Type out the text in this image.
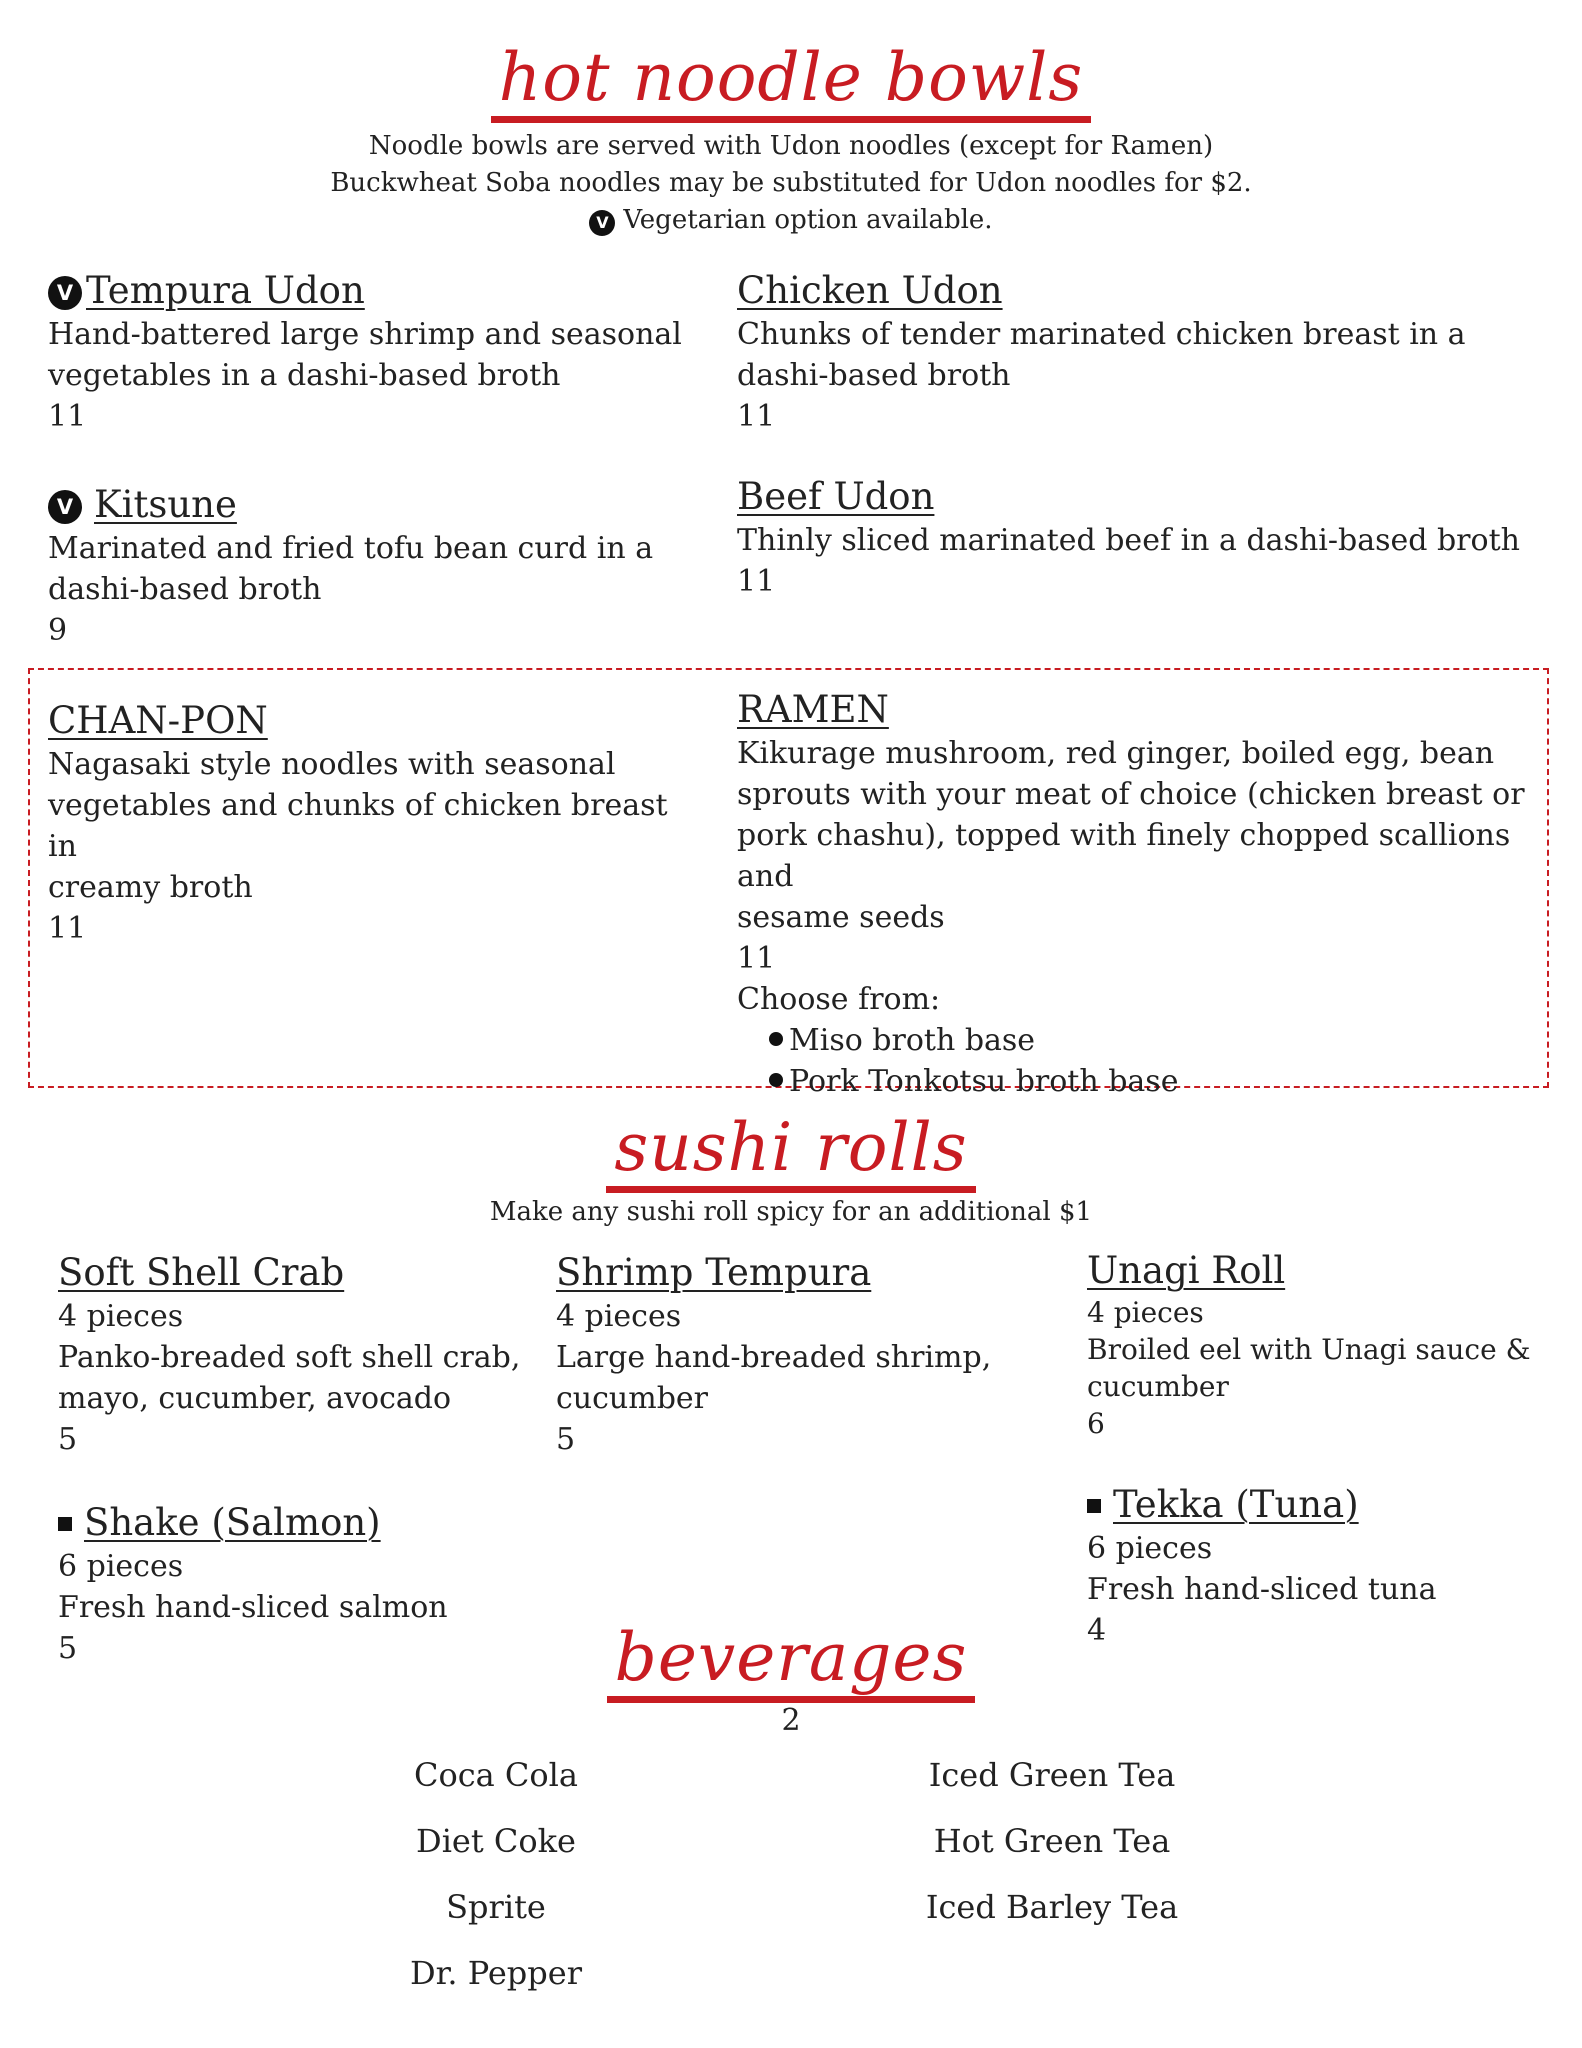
hot noodle bowls
Noodle bowls are served with Udon noodles (except for Ramen)
Buckwheat Soba noodles may be substituted for Udon noodles for $2.
V Vegetarian option available.
V Tempura Udon
Hand-battered large shrimp and seasonal
vegetables in a dashi-based broth
11
Chicken Udon
Chunks of tender marinated chicken breast in a
dashi-based broth
11
V Kitsune
Marinated and fried tofu bean curd in a
dashi-based broth
9
Beef Udon
Thinly sliced marinated beef in a dashi-based broth
11
CHAN-PON
Nagasaki style noodles with seasonal
vegetables and chunks of chicken breast in
creamy broth
11
RAMEN
Kikurage mushroom, red ginger, boiled egg, bean
sprouts with your meat of choice (chicken breast or
pork chashu), topped with finely chopped scallions and
sesame seeds
11
Choose from:
Miso broth base
Pork Tonkotsu broth base
sushi rolls
Make any sushi roll spicy for an additional $1
Soft Shell Crab
4 pieces
Panko-breaded soft shell crab,
mayo, cucumber, avocado
5
Shrimp Tempura
4 pieces
Large hand-breaded shrimp,
cucumber
5
Unagi Roll
4 pieces
Broiled eel with Unagi sauce &
cucumber
6
Shake (Salmon)
6 pieces
Fresh hand-sliced salmon
5
Tekka (Tuna)
6 pieces
Fresh hand-sliced tuna
4
beverages
2
Coca Cola
Diet Coke
Sprite
Dr. Pepper
Iced Green Tea
Hot Green Tea
Iced Barley Tea
